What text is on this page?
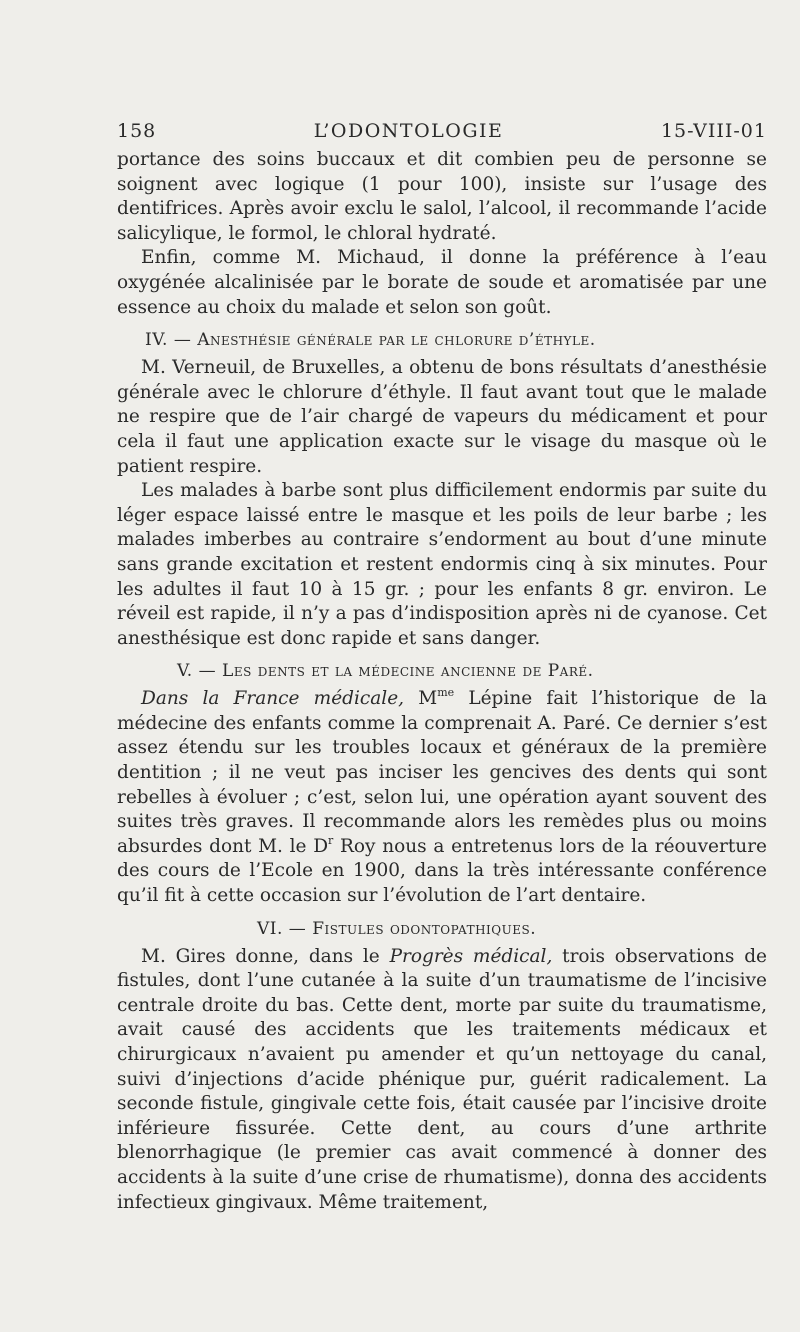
158	L’ODONTOLOGIE	15-VIII-01

portance des soins buccaux et dit combien peu de personne se soignent avec logique (1 pour 100), insiste sur l’usage des dentifrices. Après avoir exclu le salol, l’alcool, il recommande l’acide salicylique, le formol, le chloral hydraté.

Enfin, comme M. Michaud, il donne la préférence à l’eau oxygénée alcalinisée par le borate de soude et aromatisée par une essence au choix du malade et selon son goût.

IV. — Anesthésie générale par le chlorure d’éthyle.

M. Verneuil, de Bruxelles, a obtenu de bons résultats d’anesthésie générale avec le chlorure d’éthyle. Il faut avant tout que le malade ne respire que de l’air chargé de vapeurs du médicament et pour cela il faut une application exacte sur le visage du masque où le patient respire.

Les malades à barbe sont plus difficilement endormis par suite du léger espace laissé entre le masque et les poils de leur barbe ; les malades imberbes au contraire s’endorment au bout d’une minute sans grande excitation et restent endormis cinq à six minutes. Pour les adultes il faut 10 à 15 gr. ; pour les enfants 8 gr. environ. Le réveil est rapide, il n’y a pas d’indisposition après ni de cyanose. Cet anesthésique est donc rapide et sans danger.

V. — Les dents et la médecine ancienne de Paré.

Dans la France médicale, $M^{me}$ Lépine fait l’historique de la médecine des enfants comme la comprenait A. Paré. Ce dernier s’est assez étendu sur les troubles locaux et généraux de la première dentition ; il ne veut pas inciser les gencives des dents qui sont rebelles à évoluer ; c’est, selon lui, une opération ayant souvent des suites très graves. Il recommande alors les remèdes plus ou moins absurdes dont M. le $D^r$ Roy nous a entretenus lors de la réouverture des cours de l’Ecole en 1900, dans la très intéressante conférence qu’il fit à cette occasion sur l’évolution de l’art dentaire.

VI. — Fistules odontopathiques.

M. Gires donne, dans le Progrès médical, trois observations de fistules, dont l’une cutanée à la suite d’un traumatisme de l’incisive centrale droite du bas. Cette dent, morte par suite du traumatisme, avait causé des accidents que les traitements médicaux et chirurgicaux n’avaient pu amender et qu’un nettoyage du canal, suivi d’injections d’acide phénique pur, guérit radicalement. La seconde fistule, gingivale cette fois, était causée par l’incisive droite inférieure fissurée. Cette dent, au cours d’une arthrite blenorrhagique (le premier cas avait commencé à donner des accidents à la suite d’une crise de rhumatisme), donna des accidents infectieux gingivaux. Même traitement,
